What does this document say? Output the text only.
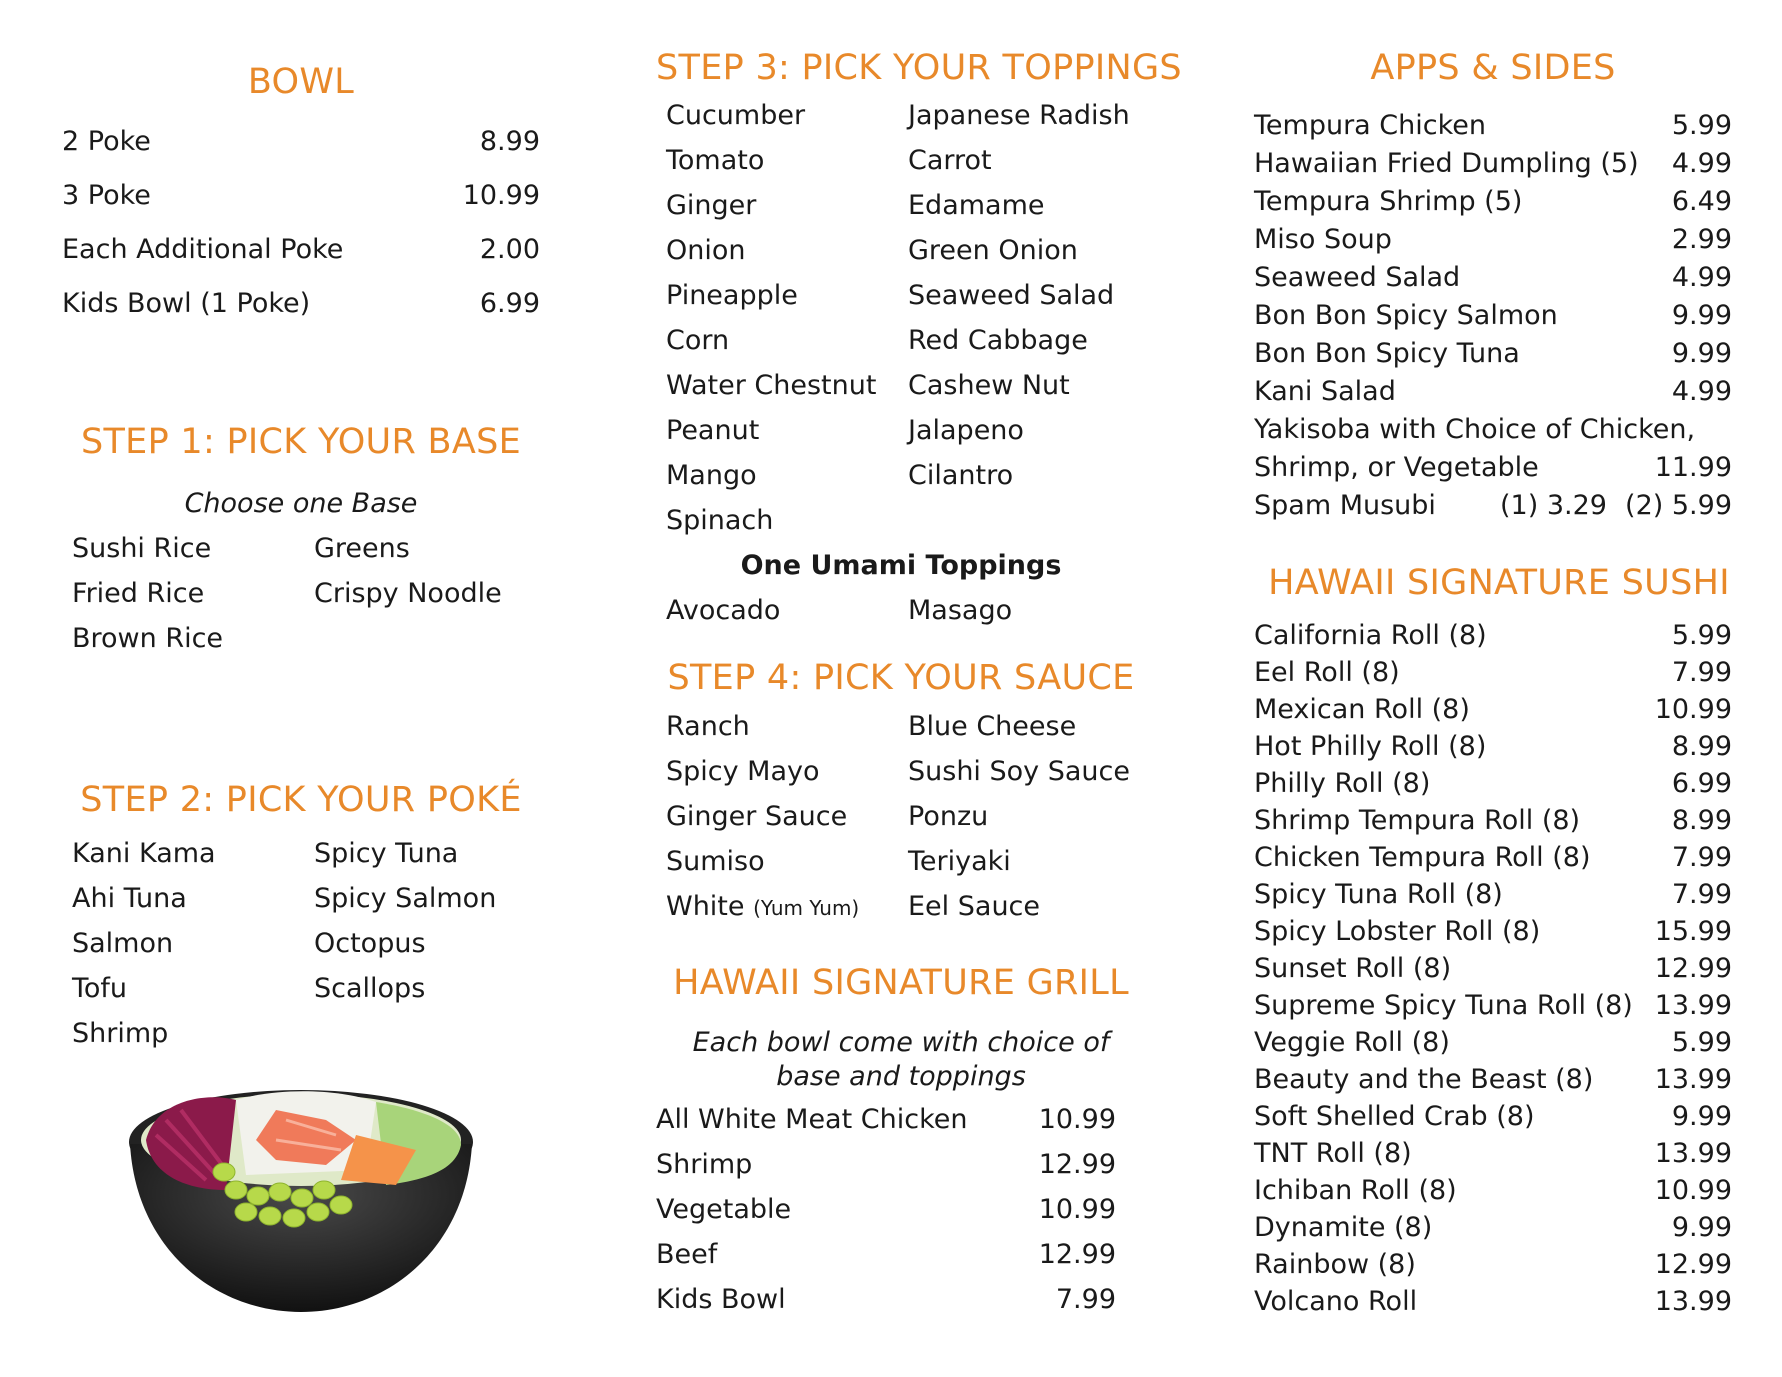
BOWL
2 Poke	8.99
3 Poke	10.99
Each Additional Poke	2.00
Kids Bowl (1 Poke)	6.99
STEP 1: PICK YOUR BASE
Choose one Base
Sushi Rice
Fried Rice
Brown Rice
Greens
Crispy Noodle
STEP 2: PICK YOUR POKÉ
Kani Kama
Ahi Tuna
Salmon
Tofu
Shrimp
Spicy Tuna
Spicy Salmon
Octopus
Scallops
STEP 3: PICK YOUR TOPPINGS
Cucumber
Tomato
Ginger
Onion
Pineapple
Corn
Water Chestnut
Peanut
Mango
Spinach
Japanese Radish
Carrot
Edamame
Green Onion
Seaweed Salad
Red Cabbage
Cashew Nut
Jalapeno
Cilantro
One Umami Toppings
Avocado	Masago
STEP 4: PICK YOUR SAUCE
Ranch
Spicy Mayo
Ginger Sauce
Sumiso
White (Yum Yum)
Blue Cheese
Sushi Soy Sauce
Ponzu
Teriyaki
Eel Sauce
HAWAII SIGNATURE GRILL
Each bowl come with choice of
base and toppings
All White Meat Chicken	10.99
Shrimp	12.99
Vegetable	10.99
Beef	12.99
Kids Bowl	7.99
APPS & SIDES
Tempura Chicken	5.99
Hawaiian Fried Dumpling (5) 4.99
Tempura Shrimp (5)	6.49
Miso Soup	2.99
Seaweed Salad	4.99
Bon Bon Spicy Salmon	9.99
Bon Bon Spicy Tuna	9.99
Kani Salad	4.99
Yakisoba with Choice of Chicken,
Shrimp, or Vegetable	11.99
Spam Musubi (1) 3.29 (2) 5.99
HAWAII SIGNATURE SUSHI
California Roll (8)	5.99
Eel Roll (8)	7.99
Mexican Roll (8)	10.99
Hot Philly Roll (8)	8.99
Philly Roll (8)	6.99
Shrimp Tempura Roll (8)	8.99
Chicken Tempura Roll (8)	7.99
Spicy Tuna Roll (8)	7.99
Spicy Lobster Roll (8)	15.99
Sunset Roll (8)	12.99
Supreme Spicy Tuna Roll (8) 13.99
Veggie Roll (8)	5.99
Beauty and the Beast (8) 13.99
Soft Shelled Crab (8)	9.99
TNT Roll (8)	13.99
Ichiban Roll (8)	10.99
Dynamite (8)	9.99
Rainbow (8)	12.99
Volcano Roll	13.99
